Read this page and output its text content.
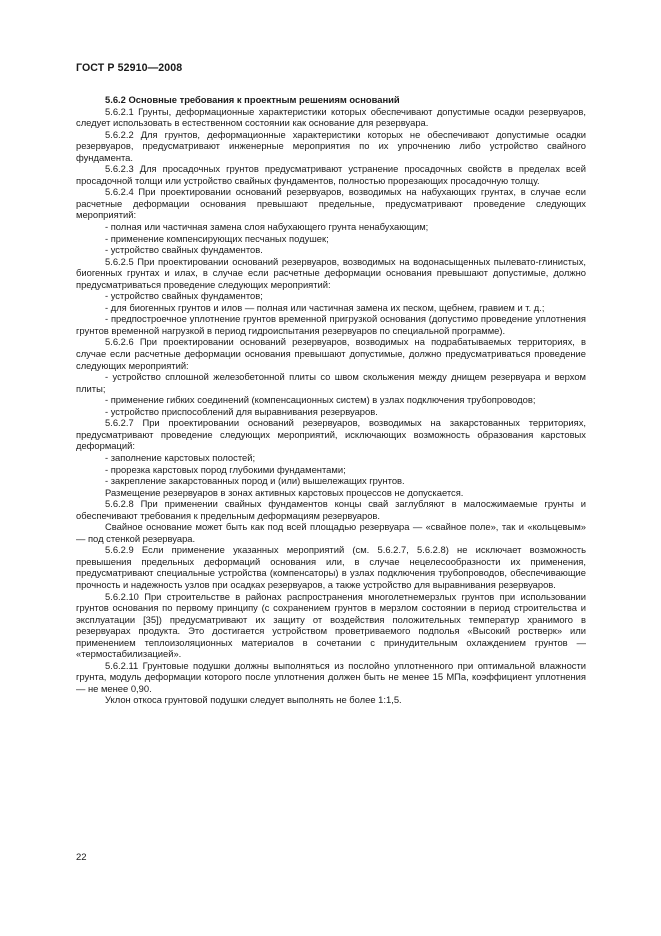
ГОСТ Р 52910—2008

5.6.2 Основные требования к проектным решениям оснований

5.6.2.1 Грунты, деформационные характеристики которых обеспечивают допустимые осадки резервуаров, следует использовать в естественном состоянии как основание для резервуара.

5.6.2.2 Для грунтов, деформационные характеристики которых не обеспечивают допустимые осадки резервуаров, предусматривают инженерные мероприятия по их упрочнению либо устройство свайного фундамента.

5.6.2.3 Для просадочных грунтов предусматривают устранение просадочных свойств в пределах всей просадочной толщи или устройство свайных фундаментов, полностью прорезающих просадочную толщу.

5.6.2.4 При проектировании оснований резервуаров, возводимых на набухающих грунтах, в случае если расчетные деформации основания превышают предельные, предусматривают проведение следующих мероприятий:

- полная или частичная замена слоя набухающего грунта ненабухающим;

- применение компенсирующих песчаных подушек;

- устройство свайных фундаментов.

5.6.2.5 При проектировании оснований резервуаров, возводимых на водонасыщенных пылевато-глинистых, биогенных грунтах и илах, в случае если расчетные деформации основания превышают допустимые, должно предусматриваться проведение следующих мероприятий:

- устройство свайных фундаментов;

- для биогенных грунтов и илов — полная или частичная замена их песком, щебнем, гравием и т. д.;

- предпостроечное уплотнение грунтов временной пригрузкой основания (допустимо проведение уплотнения грунтов временной нагрузкой в период гидроиспытания резервуаров по специальной программе).

5.6.2.6 При проектировании оснований резервуаров, возводимых на подрабатываемых территориях, в случае если расчетные деформации основания превышают допустимые, должно предусматриваться проведение следующих мероприятий:

- устройство сплошной железобетонной плиты со швом скольжения между днищем резервуара и верхом плиты;

- применение гибких соединений (компенсационных систем) в узлах подключения трубопроводов;

- устройство приспособлений для выравнивания резервуаров.

5.6.2.7 При проектировании оснований резервуаров, возводимых на закарстованных территориях, предусматривают проведение следующих мероприятий, исключающих возможность образования карстовых деформаций:

- заполнение карстовых полостей;

- прорезка карстовых пород глубокими фундаментами;

- закрепление закарстованных пород и (или) вышележащих грунтов.

Размещение резервуаров в зонах активных карстовых процессов не допускается.

5.6.2.8 При применении свайных фундаментов концы свай заглубляют в малосжимаемые грунты и обеспечивают требования к предельным деформациям резервуаров.

Свайное основание может быть как под всей площадью резервуара — «свайное поле», так и «кольцевым» — под стенкой резервуара.

5.6.2.9 Если применение указанных мероприятий (см. 5.6.2.7, 5.6.2.8) не исключает возможность превышения предельных деформаций основания или, в случае нецелесообразности их применения, предусматривают специальные устройства (компенсаторы) в узлах подключения трубопроводов, обеспечивающие прочность и надежность узлов при осадках резервуаров, а также устройство для выравнивания резервуаров.

5.6.2.10 При строительстве в районах распространения многолетнемерзлых грунтов при использовании грунтов основания по первому принципу (с сохранением грунтов в мерзлом состоянии в период строительства и эксплуатации [35]) предусматривают их защиту от воздействия положительных температур хранимого в резервуарах продукта. Это достигается устройством проветриваемого подполья «Высокий ростверк» или применением теплоизоляционных материалов в сочетании с принудительным охлаждением грунтов — «термостабилизацией».

5.6.2.11 Грунтовые подушки должны выполняться из послойно уплотненного при оптимальной влажности грунта, модуль деформации которого после уплотнения должен быть не менее 15 МПа, коэффициент уплотнения — не менее 0,90.

Уклон откоса грунтовой подушки следует выполнять не более 1:1,5.

22
